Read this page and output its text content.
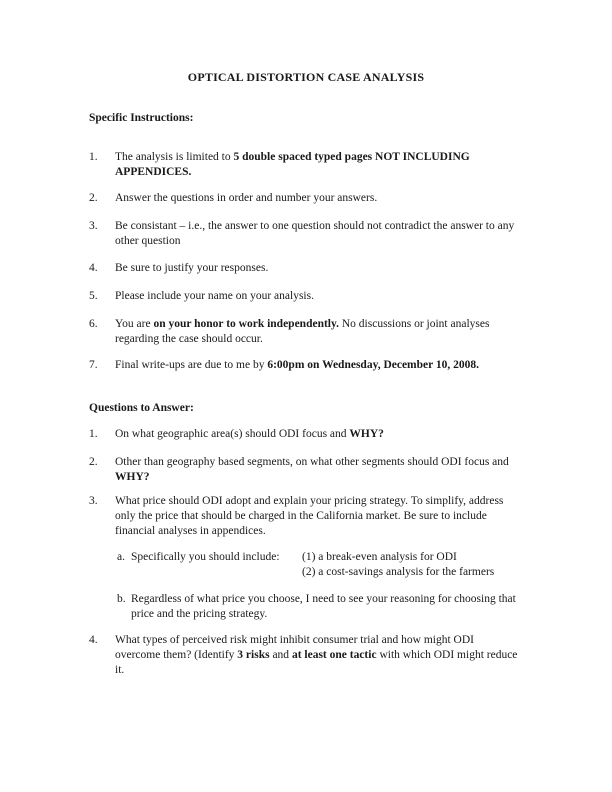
OPTICAL DISTORTION CASE ANALYSIS
Specific Instructions:
1. The analysis is limited to 5 double spaced typed pages NOT INCLUDING APPENDICES.
2. Answer the questions in order and number your answers.
3. Be consistant – i.e., the answer to one question should not contradict the answer to any other question
4. Be sure to justify your responses.
5. Please include your name on your analysis.
6. You are on your honor to work independently. No discussions or joint analyses regarding the case should occur.
7. Final write-ups are due to me by 6:00pm on Wednesday, December 10, 2008.
Questions to Answer:
1. On what geographic area(s) should ODI focus and WHY?
2. Other than geography based segments, on what other segments should ODI focus and WHY?
3. What price should ODI adopt and explain your pricing strategy. To simplify, address only the price that should be charged in the California market. Be sure to include financial analyses in appendices.
a. Specifically you should include: (1) a break-even analysis for ODI
(2) a cost-savings analysis for the farmers
b. Regardless of what price you choose, I need to see your reasoning for choosing that price and the pricing strategy.
4. What types of perceived risk might inhibit consumer trial and how might ODI overcome them? (Identify 3 risks and at least one tactic with which ODI might reduce it.
